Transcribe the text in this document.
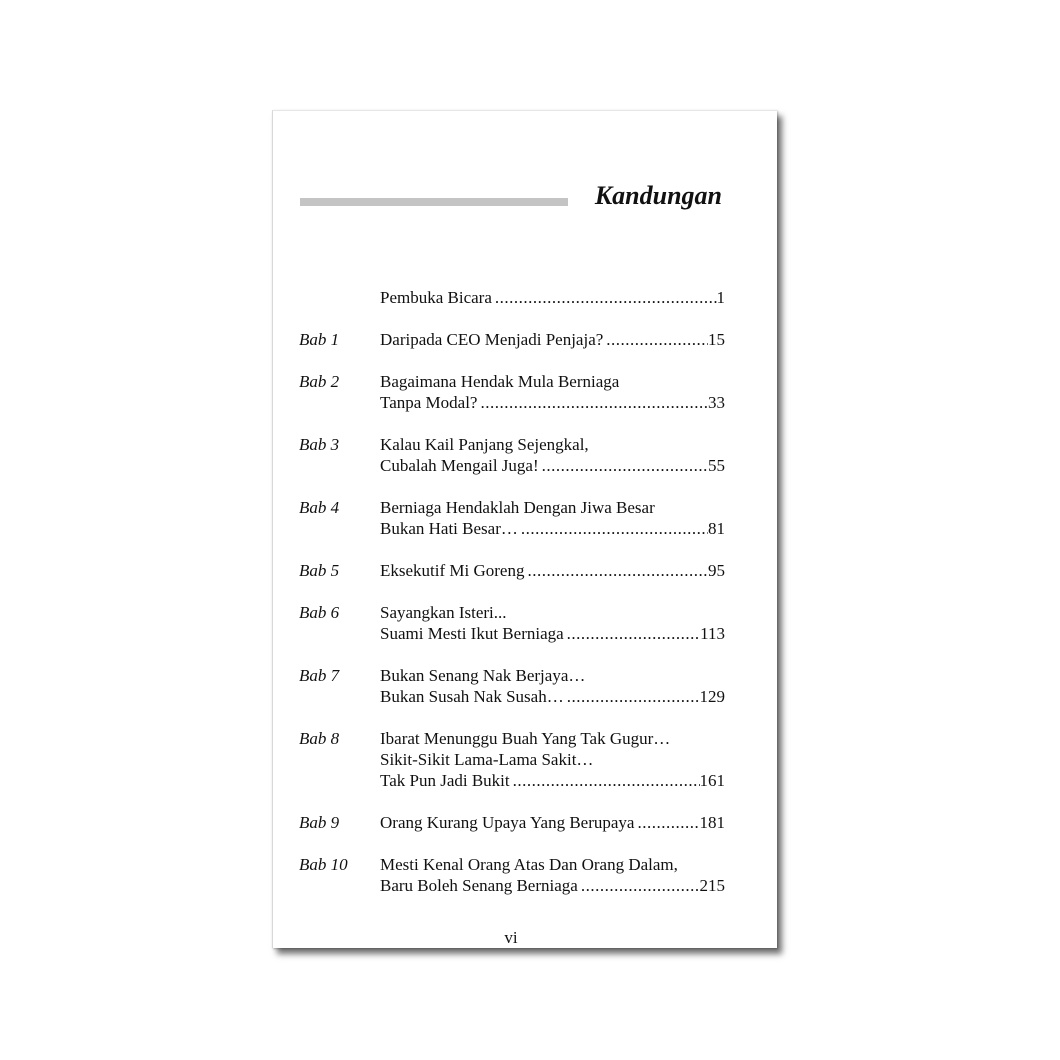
Kandungan
Pembuka Bicara .....	1
Bab 1 Daripada CEO Menjadi Penjaja? .....	15
Bab 2 Bagaimana Hendak Mula Berniaga
Tanpa Modal? .....	33
Bab 3 Kalau Kail Panjang Sejengkal,
Cubalah Mengail Juga! .....	55
Bab 4 Berniaga Hendaklah Dengan Jiwa Besar
Bukan Hati Besar… .....	81
Bab 5 Eksekutif Mi Goreng .....	95
Bab 6 Sayangkan Isteri...
Suami Mesti Ikut Berniaga .....	113
Bab 7 Bukan Senang Nak Berjaya…
Bukan Susah Nak Susah… .....	129
Bab 8 Ibarat Menunggu Buah Yang Tak Gugur…
Sikit-Sikit Lama-Lama Sakit…
Tak Pun Jadi Bukit .....	161
Bab 9 Orang Kurang Upaya Yang Berupaya .....	181
Bab 10 Mesti Kenal Orang Atas Dan Orang Dalam,
Baru Boleh Senang Berniaga .....	215
vi
